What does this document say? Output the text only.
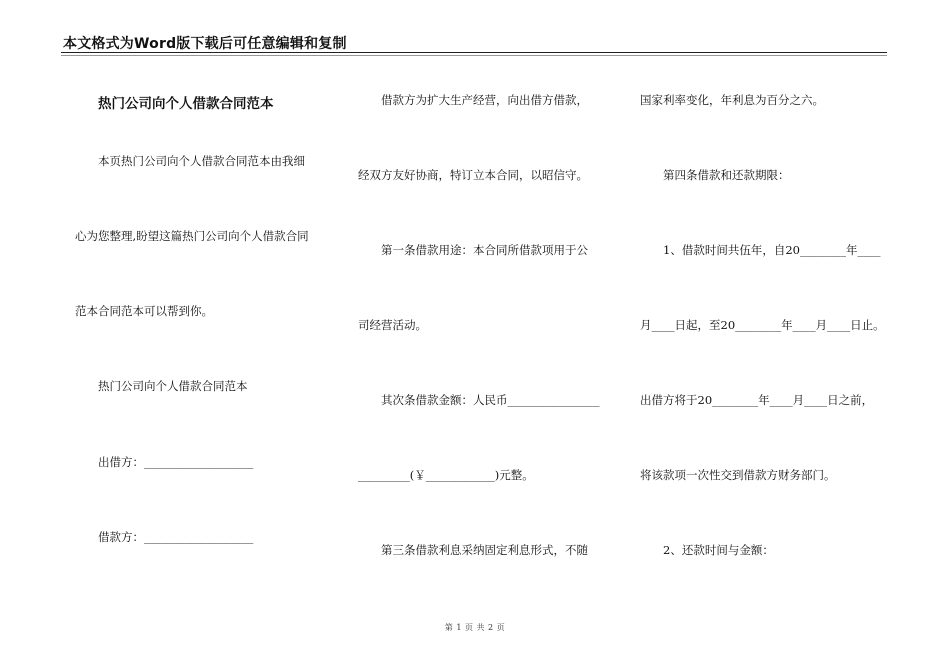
本文格式为Word版下载后可任意编辑和复制
热门公司向个人借款合同范本
本页热门公司向个人借款合同范本由我细
心为您整理,盼望这篇热门公司向个人借款合同
范本合同范本可以帮到你。
热门公司向个人借款合同范本
出借方：___________________
借款方：___________________
借款方为扩大生产经营，向出借方借款，
经双方友好协商，特订立本合同，以昭信守。
第一条借款用途：本合同所借款项用于公
司经营活动。
其次条借款金额：人民币________________
_________(￥____________)元整。
第三条借款利息采纳固定利息形式，不随
国家利率变化，年利息为百分之六。
第四条借款和还款期限：
1、借款时间共伍年，自20________年____
月____日起，至20________年____月____日止。
出借方将于20________年____月____日之前，
将该款项一次性交到借款方财务部门。
2、还款时间与金额：
第 1 页 共 2 页
